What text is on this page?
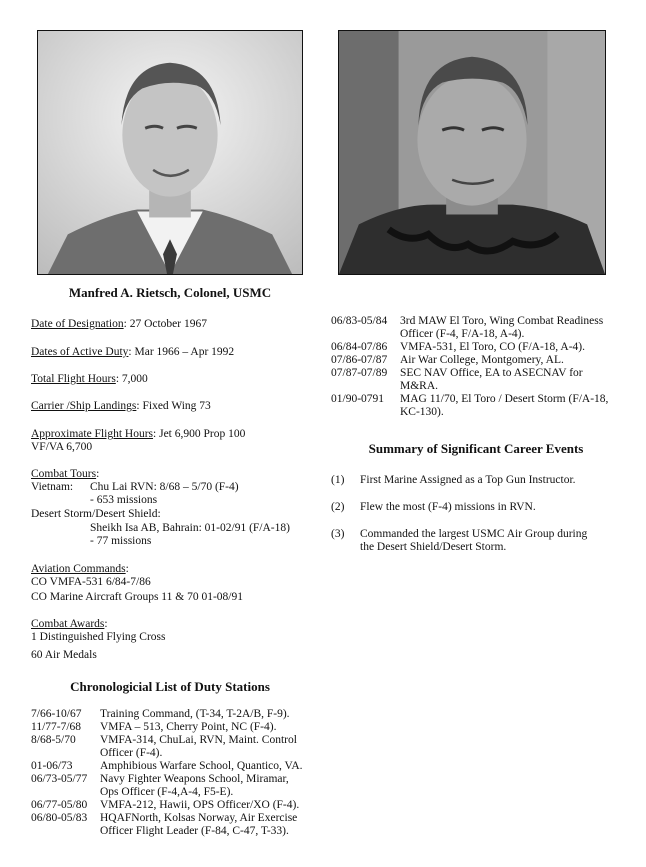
Manfred A. Rietsch, Colonel, USMC
Date of Designation: 27 October 1967
Dates of Active Duty: Mar 1966 – Apr 1992
Total Flight Hours: 7,000
Carrier /Ship Landings: Fixed Wing 73
Approximate Flight Hours: Jet 6,900 Prop 100
VF/VA 6,700
Combat Tours:
Vietnam: Chu Lai RVN: 8/68 – 5/70 (F-4)
- 653 missions
Desert Storm/Desert Shield:
Sheikh Isa AB, Bahrain: 01-02/91 (F/A-18)
- 77 missions
Aviation Commands:
CO VMFA-531 6/84-7/86
CO Marine Aircraft Groups 11 & 70 01-08/91
Combat Awards:
1 Distinguished Flying Cross
60 Air Medals
Chronologicial List of Duty Stations
7/66-10/67	Training Command, (T-34, T-2A/B, F-9).
11/77-7/68	VMFA – 513, Cherry Point, NC (F-4).
8/68-5/70	VMFA-314, ChuLai, RVN, Maint. Control
Officer (F-4).
01-06/73	Amphibious Warfare School, Quantico, VA.
06/73-05/77	Navy Fighter Weapons School, Miramar,
Ops Officer (F-4,A-4, F5-E).
06/77-05/80	VMFA-212, Hawii, OPS Officer/XO (F-4).
06/80-05/83	HQAFNorth, Kolsas Norway, Air Exercise
Officer Flight Leader (F-84, C-47, T-33).
06/83-05/84	3rd MAW El Toro, Wing Combat Readiness
Officer (F-4, F/A-18, A-4).
06/84-07/86	VMFA-531, El Toro, CO (F/A-18, A-4).
07/86-07/87	Air War College, Montgomery, AL.
07/87-07/89	SEC NAV Office, EA to ASECNAV for
M&RA.
01/90-0791	MAG 11/70, El Toro / Desert Storm (F/A-18,
KC-130).
Summary of Significant Career Events
(1)	First Marine Assigned as a Top Gun Instructor.
(2)	Flew the most (F-4) missions in RVN.
(3)	Commanded the largest USMC Air Group during
the Desert Shield/Desert Storm.
